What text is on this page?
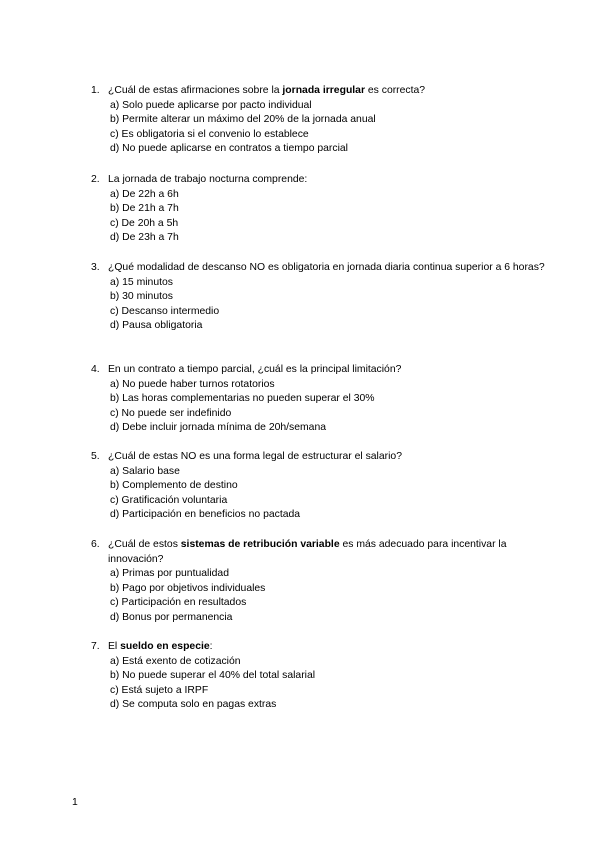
1. ¿Cuál de estas afirmaciones sobre la jornada irregular es correcta?
a) Solo puede aplicarse por pacto individual
b) Permite alterar un máximo del 20% de la jornada anual
c) Es obligatoria si el convenio lo establece
d) No puede aplicarse en contratos a tiempo parcial
2. La jornada de trabajo nocturna comprende:
a) De 22h a 6h
b) De 21h a 7h
c) De 20h a 5h
d) De 23h a 7h
3. ¿Qué modalidad de descanso NO es obligatoria en jornada diaria continua superior a 6 horas?
a) 15 minutos
b) 30 minutos
c) Descanso intermedio
d) Pausa obligatoria
4. En un contrato a tiempo parcial, ¿cuál es la principal limitación?
a) No puede haber turnos rotatorios
b) Las horas complementarias no pueden superar el 30%
c) No puede ser indefinido
d) Debe incluir jornada mínima de 20h/semana
5. ¿Cuál de estas NO es una forma legal de estructurar el salario?
a) Salario base
b) Complemento de destino
c) Gratificación voluntaria
d) Participación en beneficios no pactada
6. ¿Cuál de estos sistemas de retribución variable es más adecuado para incentivar la innovación?
a) Primas por puntualidad
b) Pago por objetivos individuales
c) Participación en resultados
d) Bonus por permanencia
7. El sueldo en especie:
a) Está exento de cotización
b) No puede superar el 40% del total salarial
c) Está sujeto a IRPF
d) Se computa solo en pagas extras
1
